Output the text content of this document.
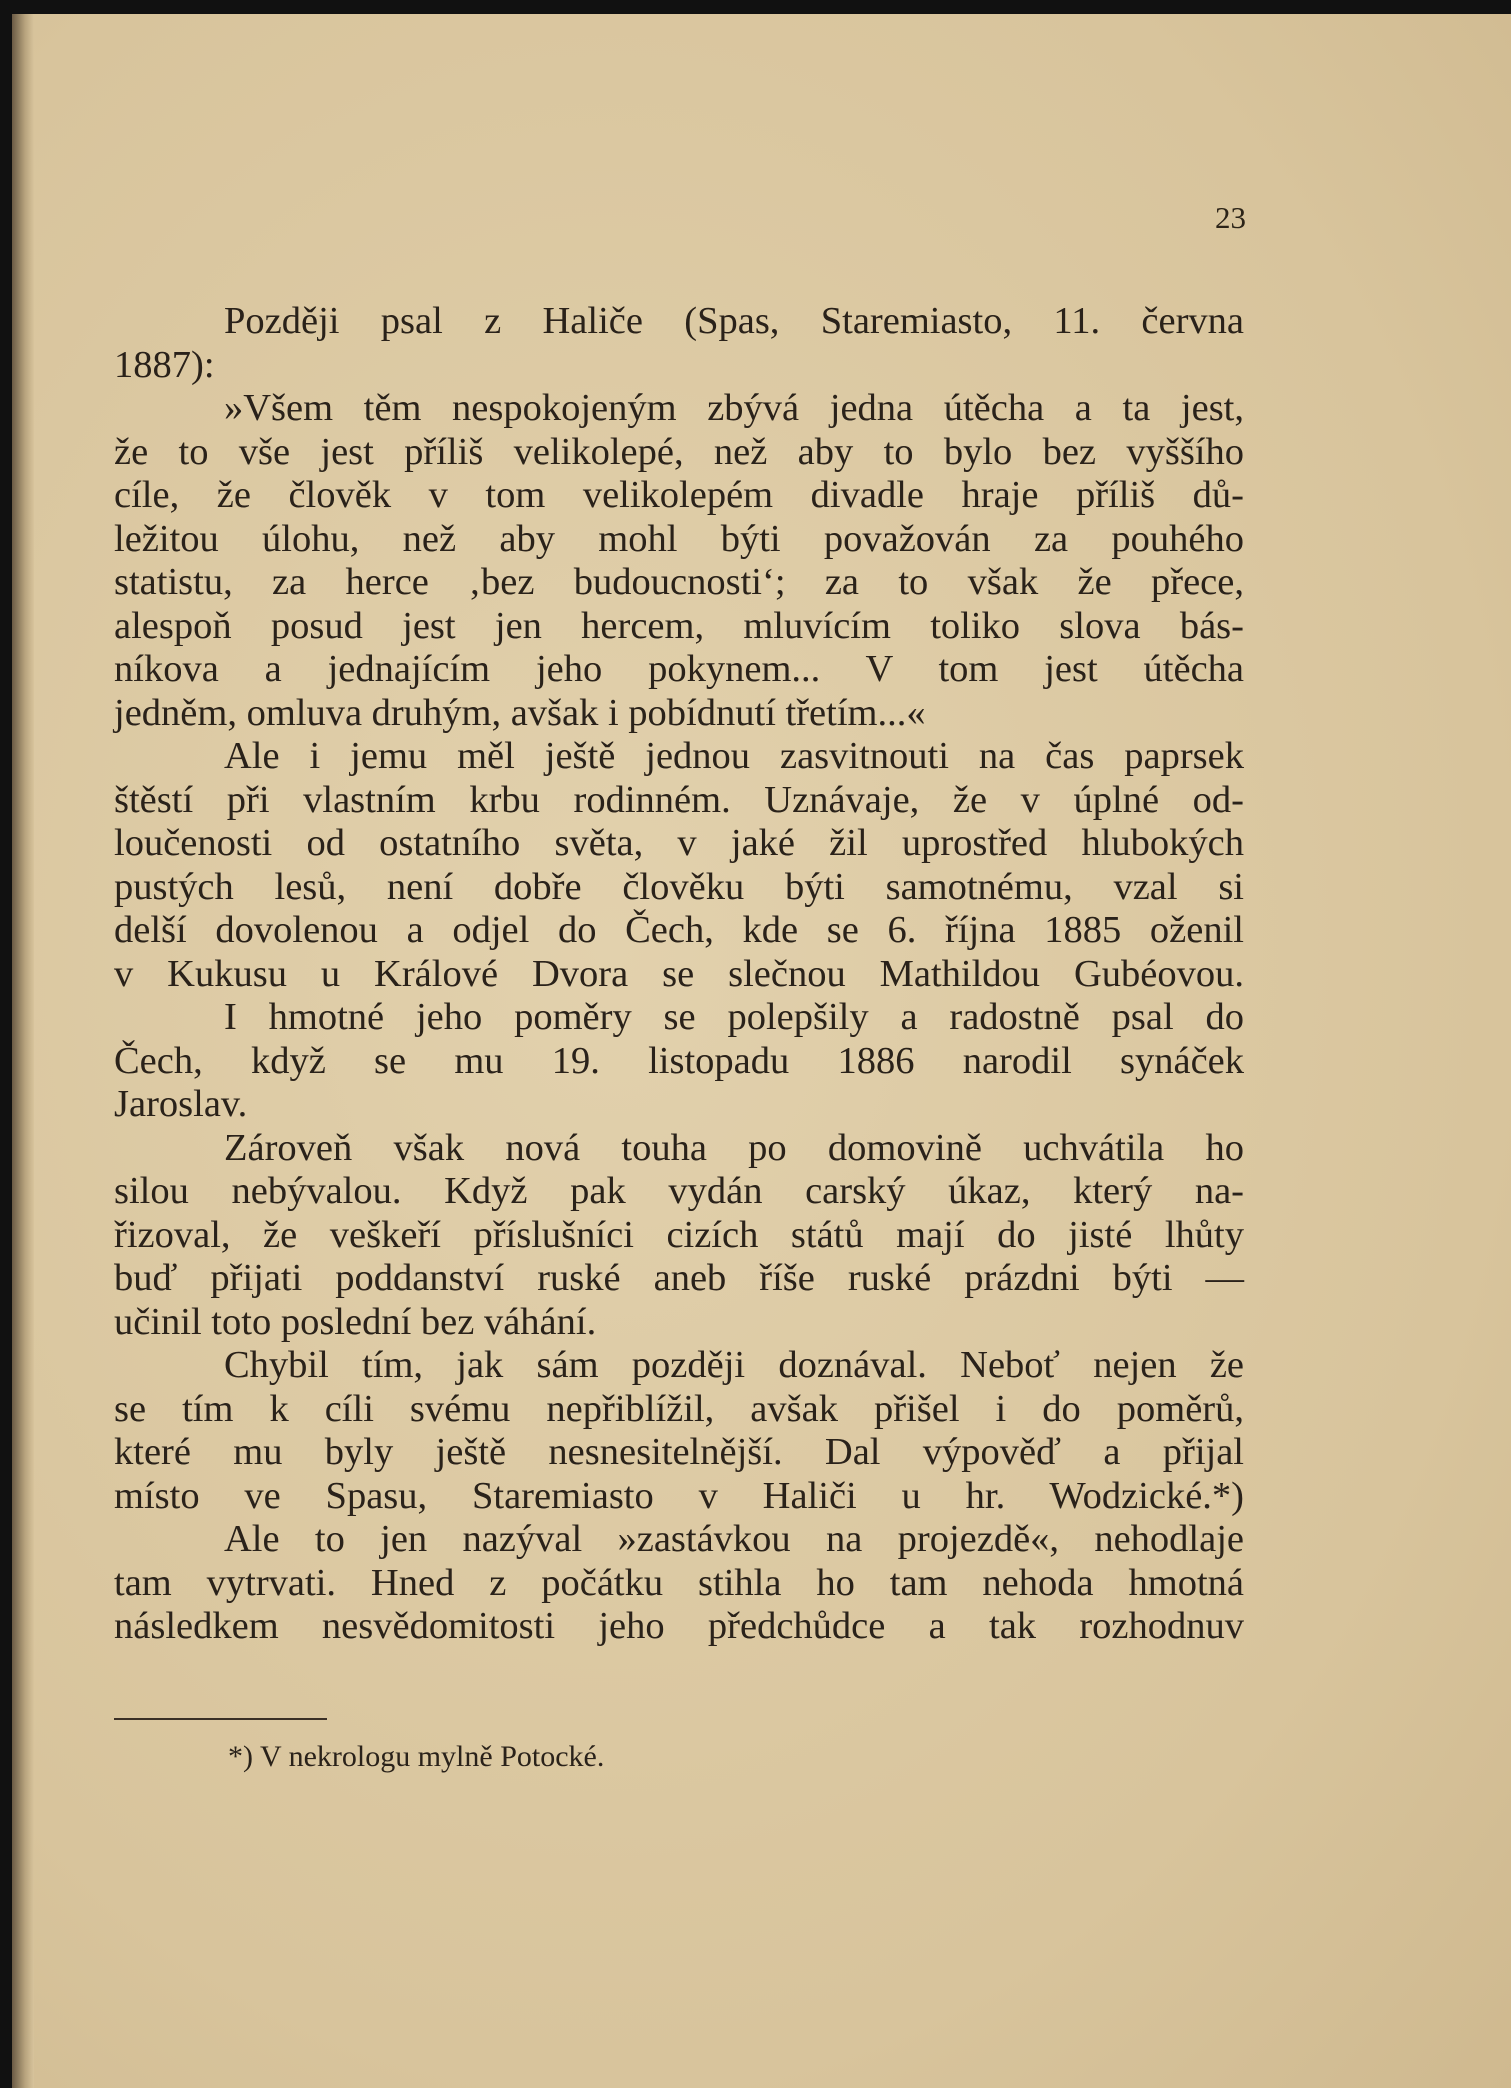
23
Později psal z Haliče (Spas, Staremiasto, 11. června
1887):
»Všem těm nespokojeným zbývá jedna útěcha a ta jest,
že to vše jest příliš velikolepé, než aby to bylo bez vyššího
cíle, že člověk v tom velikolepém divadle hraje příliš dů-
ležitou úlohu, než aby mohl býti považován za pouhého
statistu, za herce ‚bez budoucnosti‘; za to však že přece,
alespoň posud jest jen hercem, mluvícím toliko slova bás-
níkova a jednajícím jeho pokynem... V tom jest útěcha
jedněm, omluva druhým, avšak i pobídnutí třetím...«
Ale i jemu měl ještě jednou zasvitnouti na čas paprsek
štěstí při vlastním krbu rodinném. Uznávaje, že v úplné od-
loučenosti od ostatního světa, v jaké žil uprostřed hlubokých
pustých lesů, není dobře člověku býti samotnému, vzal si
delší dovolenou a odjel do Čech, kde se 6. října 1885 oženil
v Kukusu u Králové Dvora se slečnou Mathildou Gubéovou.
I hmotné jeho poměry se polepšily a radostně psal do
Čech, když se mu 19. listopadu 1886 narodil synáček
Jaroslav.
Zároveň však nová touha po domovině uchvátila ho
silou nebývalou. Když pak vydán carský úkaz, který na-
řizoval, že veškeří příslušníci cizích států mají do jisté lhůty
buď přijati poddanství ruské aneb říše ruské prázdni býti —
učinil toto poslední bez váhání.
Chybil tím, jak sám později doznával. Neboť nejen že
se tím k cíli svému nepřiblížil, avšak přišel i do poměrů,
které mu byly ještě nesnesitelnější. Dal výpověď a přijal
místo ve Spasu, Staremiasto v Haliči u hr. Wodzické.*)
Ale to jen nazýval »zastávkou na projezdě«, nehodlaje
tam vytrvati. Hned z počátku stihla ho tam nehoda hmotná
následkem nesvědomitosti jeho předchůdce a tak rozhodnuv
*) V nekrologu mylně Potocké.
